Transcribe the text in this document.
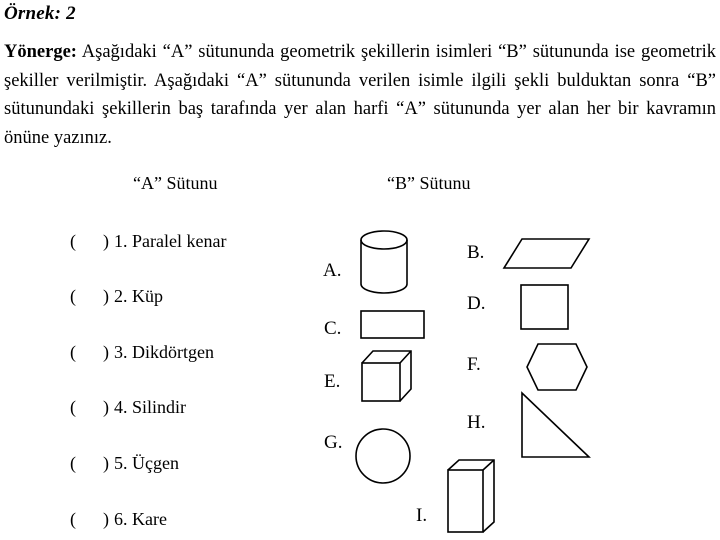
Örnek: 2
Yönerge: Aşağıdaki “A” sütununda geometrik şekillerin isimleri “B” sütununda ise geometrik şekiller verilmiştir. Aşağıdaki “A” sütununda verilen isimle ilgili şekli bulduktan sonra “B” sütunundaki şekillerin baş tarafında yer alan harfi “A” sütununda yer alan her bir kavramın önüne yazınız.
“A” Sütunu	“B” Sütunu
( ) 1. Paralel kenar
( ) 2. Küp
( ) 3. Dikdörtgen
( ) 4. Silindir
( ) 5. Üçgen
( ) 6. Kare
A.
B.
C.
D.
E.
F.
G.
H.
I.
